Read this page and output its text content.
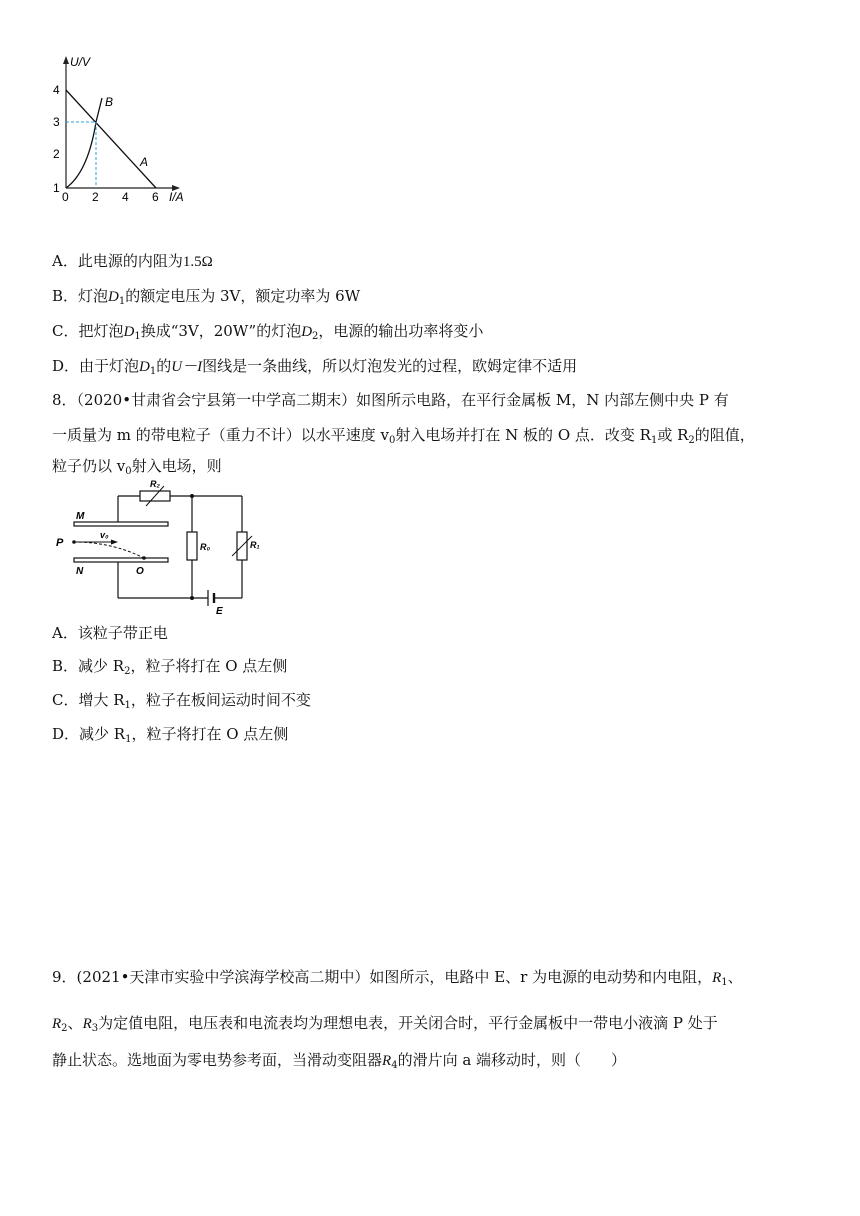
U/V
I/A
4
3
2
1
0 2 4 6
B
A
A．此电源的内阻为1.5Ω
B．灯泡$D_1$的额定电压为 3V，额定功率为 6W
C．把灯泡$D_1$换成“3V，20W”的灯泡$D_2$，电源的输出功率将变小
D．由于灯泡$D_1$的U－I图线是一条曲线，所以灯泡发光的过程，欧姆定律不适用
8．（2020•甘肃省会宁县第一中学高二期末）如图所示电路，在平行金属板 M，N 内部左侧中央 P 有
一质量为 m 的带电粒子（重力不计）以水平速度 $v_0$射入电场并打在 N 板的 O 点．改变 $R_1$或 $R_2$的阻值，
粒子仍以 $v_0$射入电场，则
R₂
M
N
P
v₀
O
R₀	R₁
E
A．该粒子带正电
B．减少 $R_2$，粒子将打在 O 点左侧
C．增大 $R_1$，粒子在板间运动时间不变
D．减少 $R_1$，粒子将打在 O 点左侧
9．(2021•天津市实验中学滨海学校高二期中）如图所示，电路中 E、r 为电源的电动势和内电阻，$R_1$、
$R_2$、$R_3$为定值电阻，电压表和电流表均为理想电表，开关闭合时，平行金属板中一带电小液滴 P 处于
静止状态。选地面为零电势参考面，当滑动变阻器$R_4$的滑片向 a 端移动时，则（　　）
